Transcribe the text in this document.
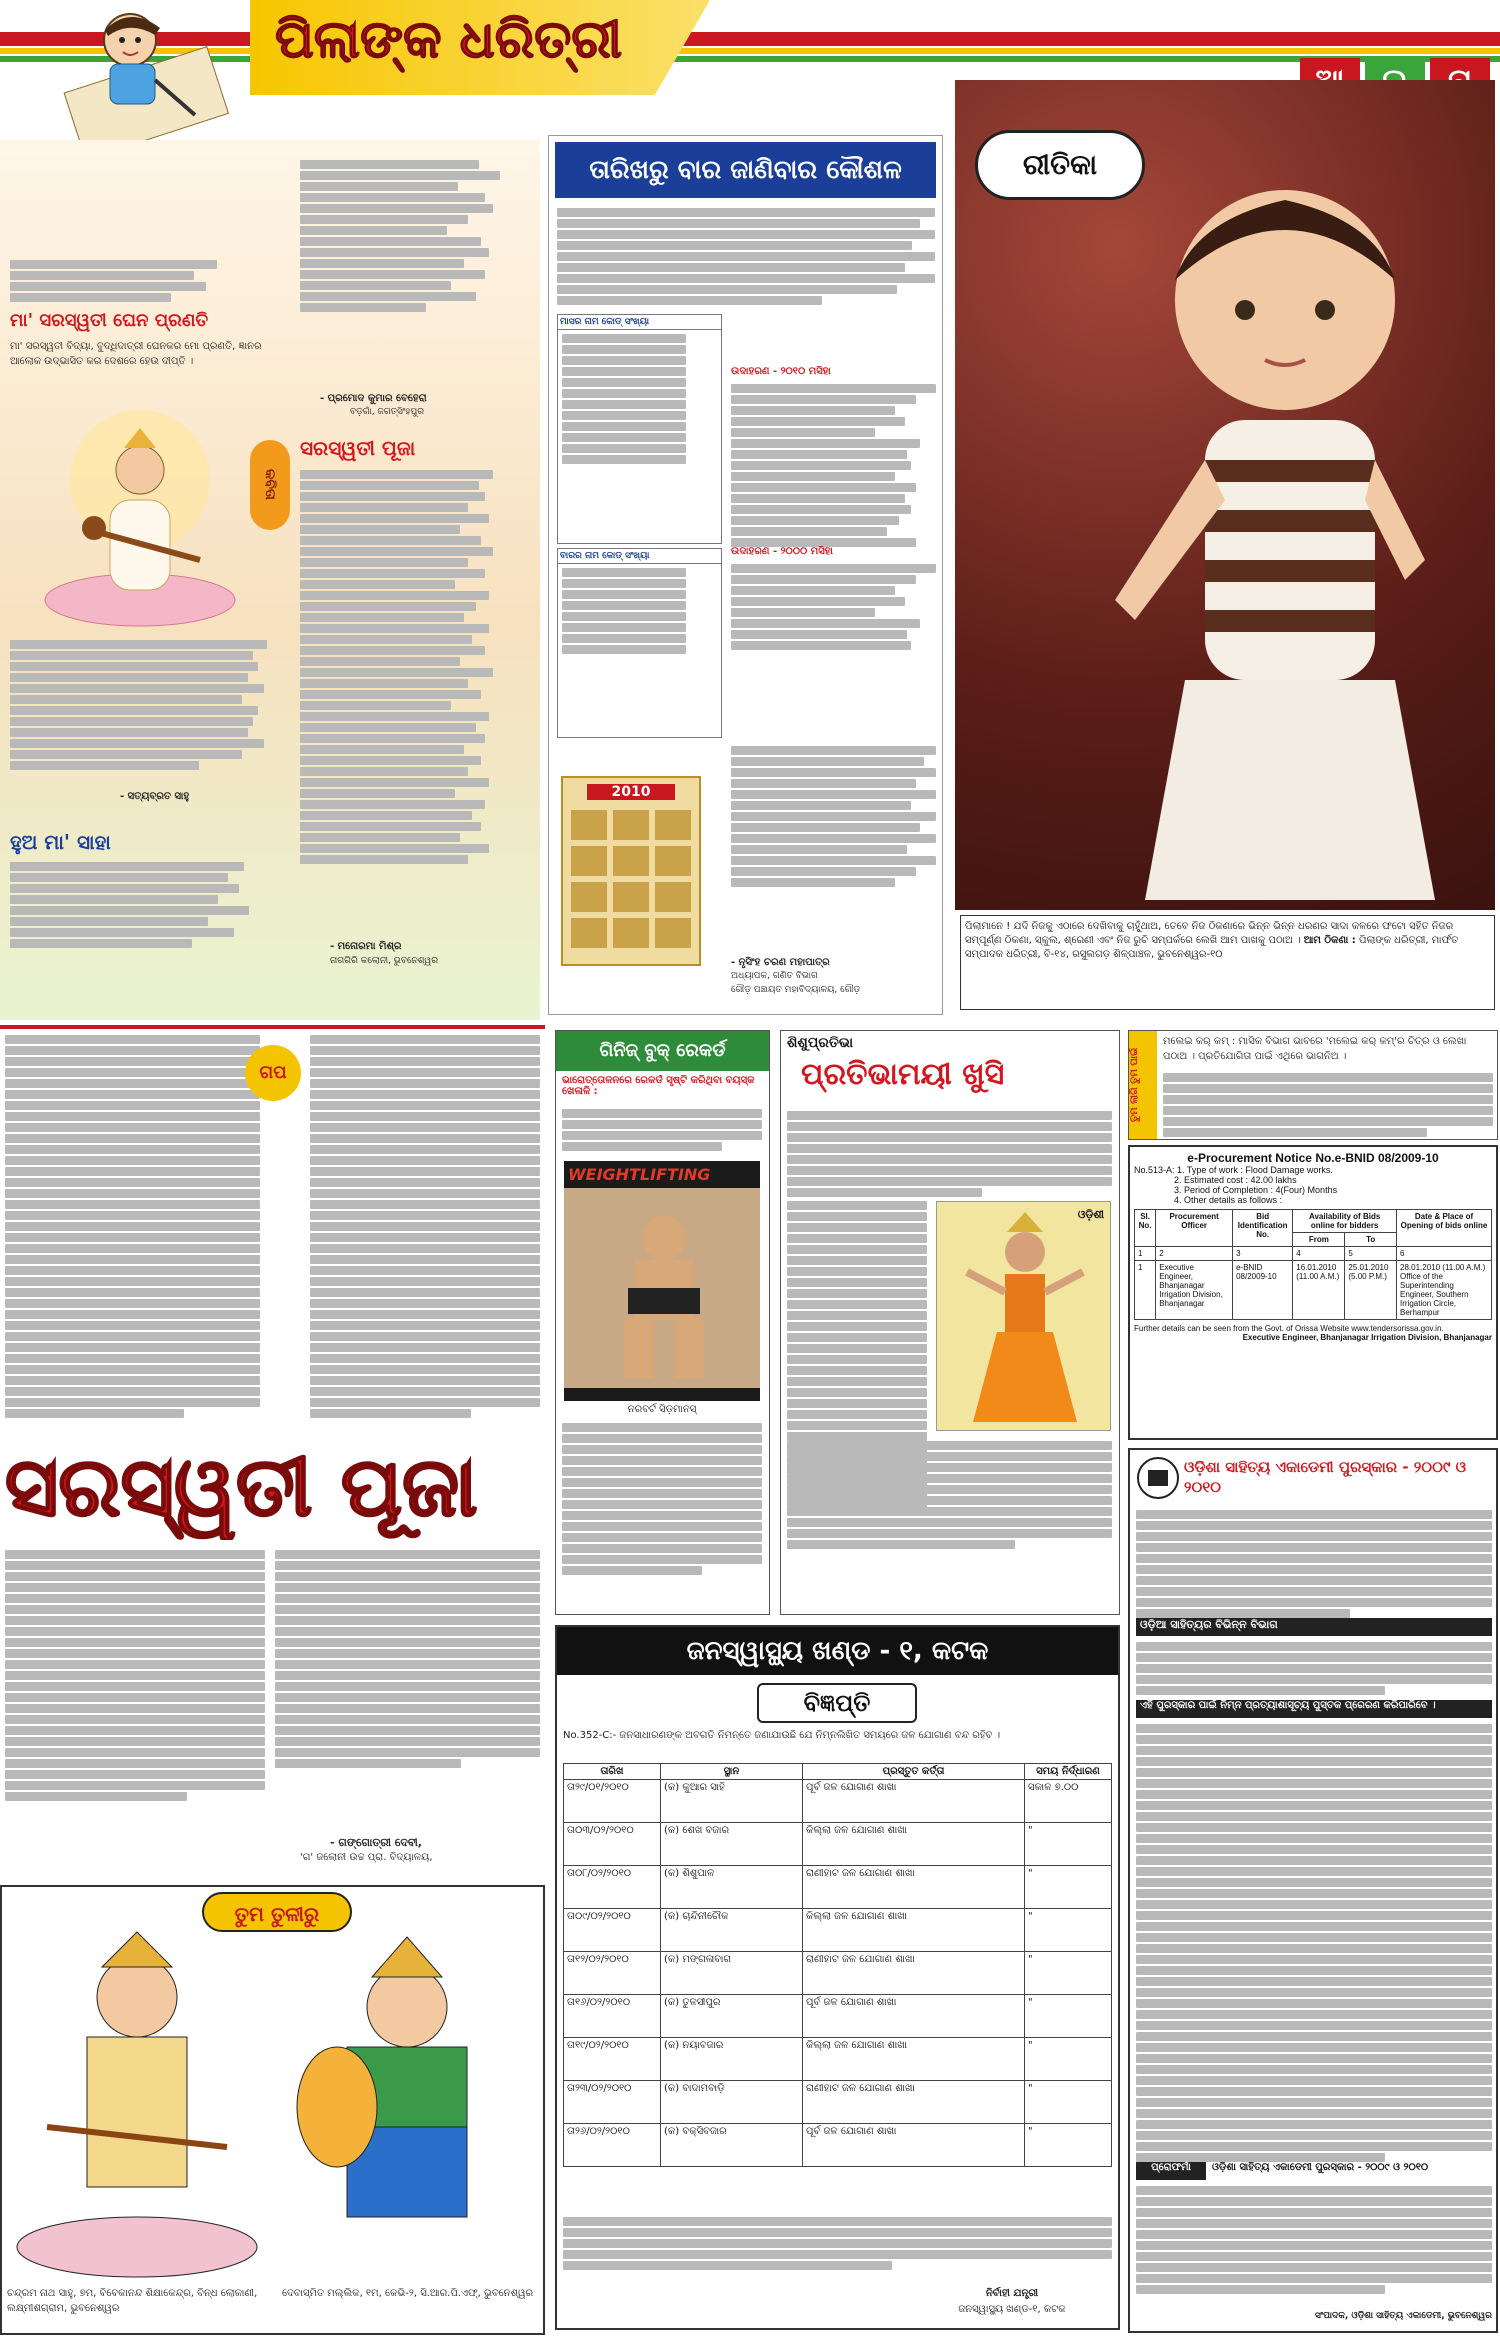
ପିଲାଙ୍କ ଧରିତ୍ରୀ
ମା' ସରସ୍ୱତୀ ଘେନ ପ୍ରଣତି
ମା' ସରସ୍ୱତୀ ବିଦ୍ୟା, ବୁଦ୍ଧିଦାତ୍ରୀ ଘେନକର ମୋ ପ୍ରଣତି, ଜ୍ଞାନର ଆଲୋକ ଉଦ୍ଭାସିତ କର ଦେଶରେ ହେଉ ଦୀପ୍ତି ।
କବିତା
- ପ୍ରମୋଦ କୁମାର ବେହେରା
ବଡ଼ଗାଁ, ଜଗତ୍‌ସିଂହପୁର
ସରସ୍ୱତୀ ପୂଜା
- ମନୋରମା ମିଶ୍ର
ନାଗଗିରି କଲୋନୀ, ଭୁବନେଶ୍ୱର
- ସତ୍ୟବ୍ରତ ସାହୁ
ହୁଅ ମା' ସାହା
ତାରିଖରୁ ବାର ଜାଣିବାର କୌଶଳ
ମାସର ନାମ କୋଡ୍ ସଂଖ୍ୟା
ବାରର ନାମ କୋଡ୍ ସଂଖ୍ୟା
2010
ଉଦାହରଣ - ୨୦୧୦ ମସିହା
ଉଦାହରଣ - ୨୦୦୦ ମସିହା
- ନୃସିଂହ ଚରଣ ମହାପାତ୍ର
ଅଧ୍ୟାପକ, ଗଣିତ ବିଭାଗ
ଗୌଡ଼ ପଞ୍ଚାୟତ ମହାବିଦ୍ୟାଳୟ, ଗୌଡ଼
ରୀତିକା
ପିଲାମାନେ ! ଯଦି ନିଜକୁ ଏଠାରେ ଦେଖିବାକୁ ଚାହୁଁଥାଅ, ତେବେ ନିଜ ଠିକଣାରେ ଭିନ୍ନ ଭିନ୍ନ ଧରଣର ସାଦା କଳରେ ଫଟୋ ସହିତ ନିଜର ସମ୍ପୂର୍ଣ୍ଣ ଠିକଣା, ସ୍କୁଲ, ଶ୍ରେଣୀ ଏବଂ ନିଜ ରୁଚି ସମ୍ପର୍କରେ ଲେଖି ଆମ ପାଖକୁ ପଠାଅ । ଆମ ଠିକଣା : ପିଲାଙ୍କ ଧରିତ୍ରୀ, ମାର୍ଫତ ସମ୍ପାଦକ ଧରିତ୍ରୀ, ବି-୧୪, ରସୁଲଗଡ଼ ଶିଳ୍ପାଞ୍ଚଳ, ଭୁବନେଶ୍ୱର-୧୦
ଗପ
ସରସ୍ୱତୀ ପୂଜା
- ଗଙ୍ଗୋତ୍ରୀ ଦେବୀ,
'ଗ' ଜଲୋନୀ ଉଚ୍ଚ ପ୍ରା. ବିଦ୍ୟାଳୟ,
ତୁମ ତୁଳୀରୁ
ଚନ୍ଦ୍ରମ ନାଥ ସାହୁ, ୭ମ, ବିବେକାନନ୍ଦ ଶିକ୍ଷାକେନ୍ଦ୍ର, ବିନ୍ଧ ଲୋକାଣୀ, ଲକ୍ଷ୍ମୀଶଗ୍ରାମ, ଭୁବନେଶ୍ୱର
ଦେବାସ୍ମିତ ମଲ୍ଲିକ, ୧ମ, କେଭି-୨, ସି.ଆର.ପି.ଏଫ୍, ଭୁବନେଶ୍ୱର
ଗିନିଜ୍ ବୁକ୍ ରେକର୍ଡ
ଭାରୋତ୍ତୋଳନରେ ରେକର୍ଡ ସୃଷ୍ଟି କରିଥିବା ବୟସ୍କ ଖେଳାଳି :
WEIGHTLIFTING
ନରବର୍ଟ ସିଡ଼ମାନସ୍
ଶିଶୁପ୍ରତିଭା
ପ୍ରତିଭାମୟୀ ଖୁସି
ଓଡ଼ିଶୀ
ତୁମ ଲାଗି ତୁମ ପାଇଁ
ମଲେଇ କର୍ କମ୍ : ମାସିକ ବିଭାଗ ଭାବରେ 'ମଲେଇ କର୍ କମ୍'ର ଚିତ୍ର ଓ ଲେଖା ପଠାଅ । ପ୍ରତିଯୋଗିତା ପାଇଁ ଏଥିରେ ଭାଗନିଅ ।
e-Procurement Notice No.e-BNID 08/2009-10
No.513-A: 1. Type of work : Flood Damage works.
2. Estimated cost : 42.00 lakhs
3. Period of Completion : 4(Four) Months
4. Other details as follows :
Sl. No.	Procurement Officer	Bid Identification No.	Availability of Bids online for bidders		Date & Place of Opening of bids online
			From	To	
1	2	3	4	5	6
1	Executive Engineer, Bhanjanagar Irrigation Division, Bhanjanagar	e-BNID 08/2009-10	16.01.2010 (11.00 A.M.)	25.01.2010 (5.00 P.M.)	28.01.2010 (11.00 A.M.) Office of the Superintending Engineer, Southern Irrigation Circle, Berhampur
Further details can be seen from the Govt. of Orissa Website www.tendersorissa.gov.in.
Executive Engineer, Bhanjanagar Irrigation Division, Bhanjanagar
ଓଡ଼ିଶା ସାହିତ୍ୟ ଏକାଡେମୀ ପୁରସ୍କାର - ୨୦୦୯ ଓ ୨୦୧୦
ଓଡ଼ିଆ ସାହିତ୍ୟର ବିଭିନ୍ନ ବିଭାଗ
ଏହି ପୁରସ୍କାର ପାଇଁ ନିମ୍ନ ପ୍ରତ୍ୟାଶାସୂଚ୍ୟ ପୁସ୍ତକ ପ୍ରେରଣ କରିପାରିବେ ।
ପ୍ରୋଫର୍ମା	ଓଡ଼ିଶା ସାହିତ୍ୟ ଏକାଡେମୀ ପୁରସ୍କାର - ୨୦୦୯ ଓ ୨୦୧୦
ସଂପାଦକ, ଓଡ଼ିଶା ସାହିତ୍ୟ ଏକାଡେମୀ, ଭୁବନେଶ୍ୱର
ଜନସ୍ୱାସ୍ଥ୍ୟ ଖଣ୍ଡ - ୧, କଟକ
ବିଜ୍ଞପ୍ତି
No.352-C:- ଜନସାଧାରଣଙ୍କ ଅବଗତି ନିମନ୍ତେ ଜଣାଯାଉଛି ଯେ ନିମ୍ନଲିଖିତ ସମୟରେ ଜଳ ଯୋଗାଣ ବନ୍ଦ ରହିବ ।
ତାରିଖ	ସ୍ଥାନ	ପ୍ରସ୍ତୁତ କର୍ତ୍ତା	ସମୟ ନିର୍ଦ୍ଧାରଣ
ତା୨୯/୦୧/୨୦୧୦	(କ) କୁଆର ସାହି	ପୂର୍ବ ଜଳ ଯୋଗାଣ ଶାଖା	ସକାଳ ୭.୦୦
ତା୦୩/୦୨/୨୦୧୦	(କ) ଶେଖ ବଜାର	କିଲ୍ଲା ଜଳ ଯୋଗାଣ ଶାଖା	"
ତା୦୮/୦୨/୨୦୧୦	(କ) ଶିଶୁପାଳ	ରାଣୀହାଟ ଜଳ ଯୋଗାଣ ଶାଖା	"
ତା୦୯/୦୨/୨୦୧୦	(କ) ଚାନ୍ଦିନୀଚୌକ	କିଲ୍ଲା ଜଳ ଯୋଗାଣ ଶାଖା	"
ତା୧୨/୦୨/୨୦୧୦	(କ) ମଙ୍ଗଳାବାଗ	ରାଣୀହାଟ ଜଳ ଯୋଗାଣ ଶାଖା	"
ତା୧୬/୦୨/୨୦୧୦	(କ) ତୁଳସୀପୁର	ପୂର୍ବ ଜଳ ଯୋଗାଣ ଶାଖା	"
ତା୧୯/୦୨/୨୦୧୦	(କ) ନୟାବଜାର	କିଲ୍ଲା ଜଳ ଯୋଗାଣ ଶାଖା	"
ତା୨୩/୦୨/୨୦୧୦	(କ) ବାଦାମବାଡ଼ି	ରାଣୀହାଟ ଜଳ ଯୋଗାଣ ଶାଖା	"
ତା୨୬/୦୨/୨୦୧୦	(କ) ବକ୍ସିବଜାର	ପୂର୍ବ ଜଳ ଯୋଗାଣ ଶାଖା	"
ନିର୍ବାହୀ ଯନ୍ତ୍ରୀ
ଜନସ୍ୱାସ୍ଥ୍ୟ ଖଣ୍ଡ-୧, କଟକ
